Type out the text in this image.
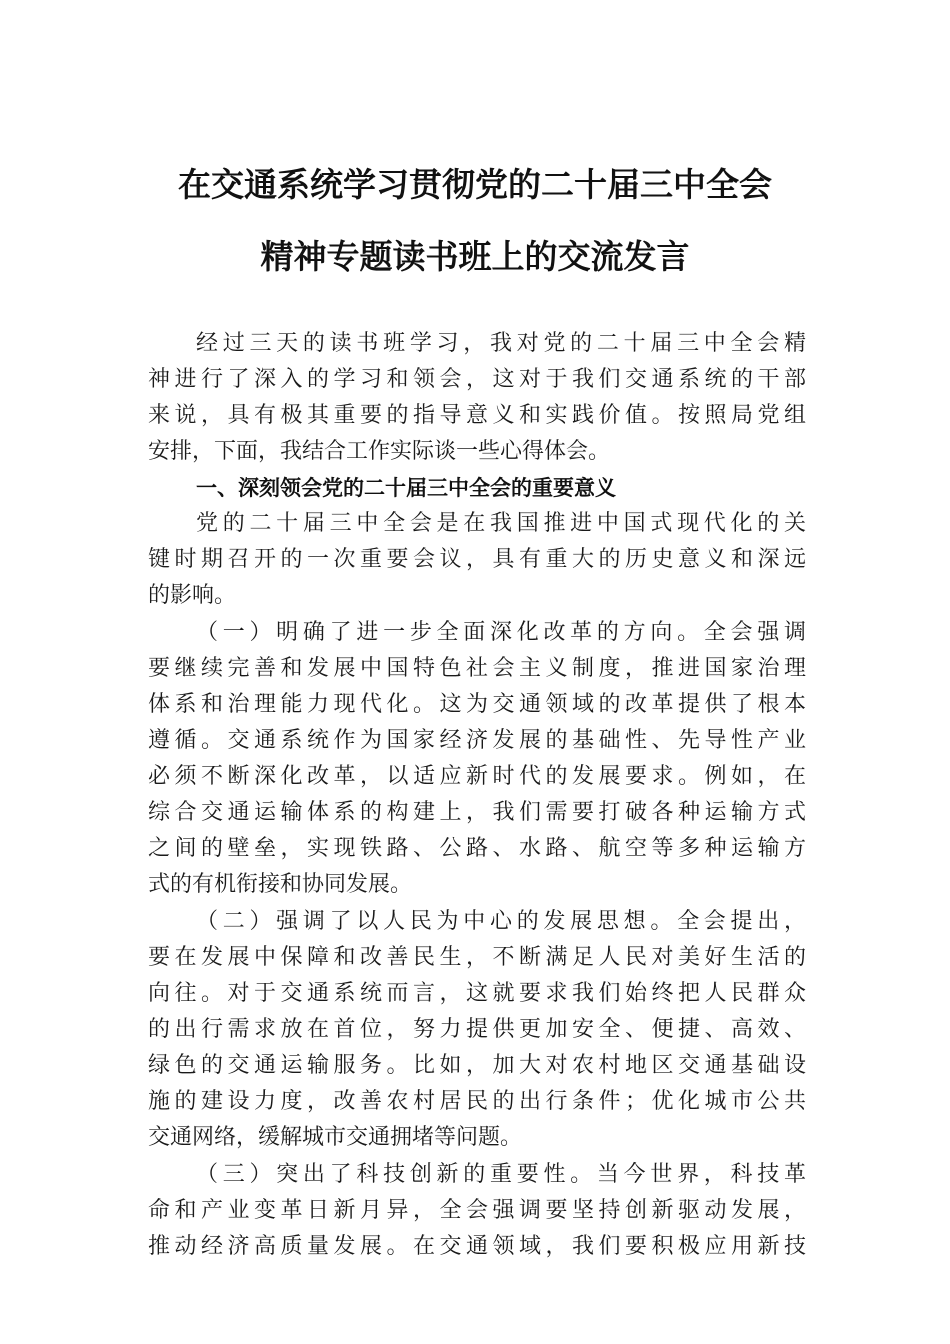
在交通系统学习贯彻党的二十届三中全会
精神专题读书班上的交流发言
经过三天的读书班学习，我对党的二十届三中全会精
神进行了深入的学习和领会，这对于我们交通系统的干部
来说，具有极其重要的指导意义和实践价值。按照局党组
安排，下面，我结合工作实际谈一些心得体会。
一、深刻领会党的二十届三中全会的重要意义
党的二十届三中全会是在我国推进中国式现代化的关
键时期召开的一次重要会议，具有重大的历史意义和深远
的影响。
（一）明确了进一步全面深化改革的方向。全会强调
要继续完善和发展中国特色社会主义制度，推进国家治理
体系和治理能力现代化。这为交通领域的改革提供了根本
遵循。交通系统作为国家经济发展的基础性、先导性产业
必须不断深化改革，以适应新时代的发展要求。例如，在
综合交通运输体系的构建上，我们需要打破各种运输方式
之间的壁垒，实现铁路、公路、水路、航空等多种运输方
式的有机衔接和协同发展。
（二）强调了以人民为中心的发展思想。全会提出，
要在发展中保障和改善民生，不断满足人民对美好生活的
向往。对于交通系统而言，这就要求我们始终把人民群众
的出行需求放在首位，努力提供更加安全、便捷、高效、
绿色的交通运输服务。比如，加大对农村地区交通基础设
施的建设力度，改善农村居民的出行条件；优化城市公共
交通网络，缓解城市交通拥堵等问题。
（三）突出了科技创新的重要性。当今世界，科技革
命和产业变革日新月异，全会强调要坚持创新驱动发展，
推动经济高质量发展。在交通领域，我们要积极应用新技
